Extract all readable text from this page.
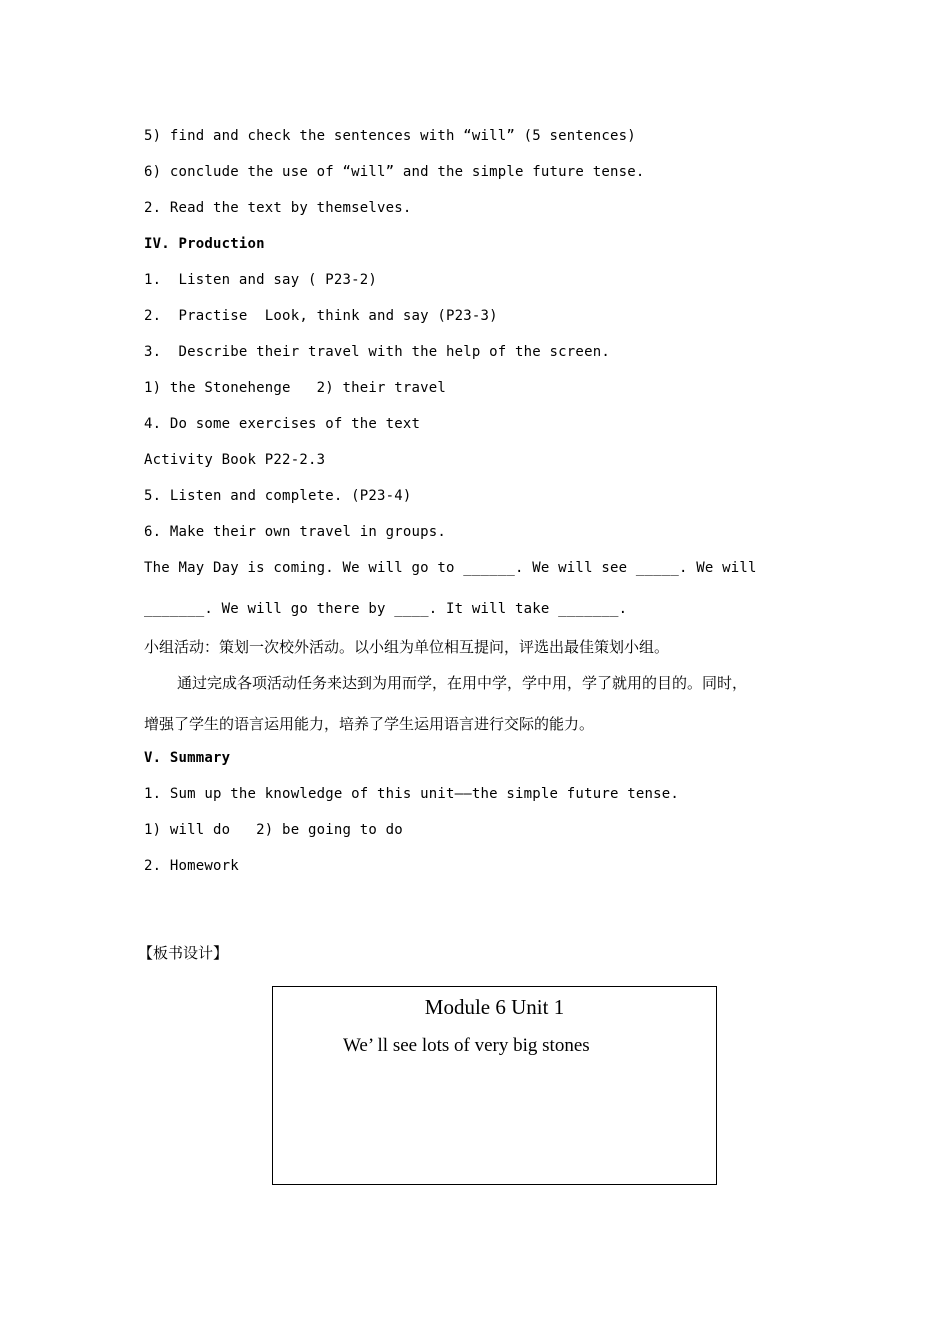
5) find and check the sentences with “will” (5 sentences)
6) conclude the use of “will” and the simple future tense.
2. Read the text by themselves.
IV. Production
1.  Listen and say ( P23-2)
2.  Practise  Look, think and say (P23-3)
3.  Describe their travel with the help of the screen.
1) the Stonehenge   2) their travel
4. Do some exercises of the text
Activity Book P22-2.3
5. Listen and complete. (P23-4)
6. Make their own travel in groups.
The May Day is coming. We will go to ______. We will see _____. We will
_______. We will go there by ____. It will take _______.
小组活动：策划一次校外活动。以小组为单位相互提问，评选出最佳策划小组。
通过完成各项活动任务来达到为用而学，在用中学，学中用，学了就用的目的。同时，
增强了学生的语言运用能力，培养了学生运用语言进行交际的能力。
V. Summary
1. Sum up the knowledge of this unit——the simple future tense.
1) will do   2) be going to do
2. Homework
【板书设计】
Module 6 Unit 1
We’ ll see lots of very big stones
